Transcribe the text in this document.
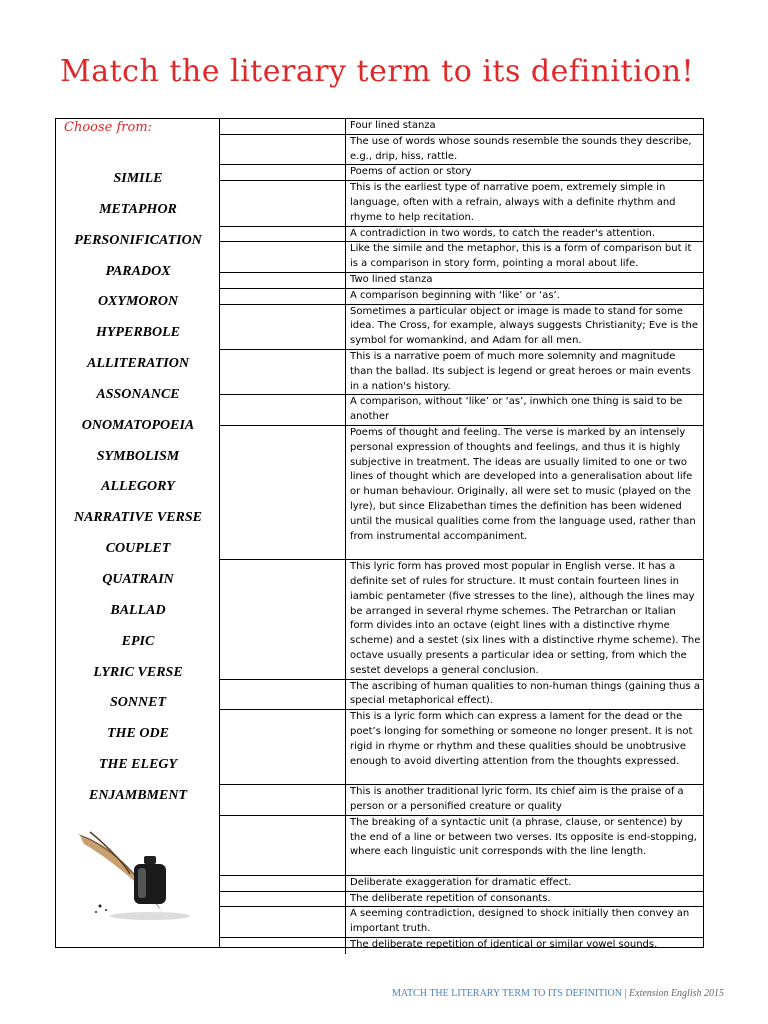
Match the literary term to its definition!
Choose from:
SIMILE
METAPHOR
PERSONIFICATION
PARADOX
OXYMORON
HYPERBOLE
ALLITERATION
ASSONANCE
ONOMATOPOEIA
SYMBOLISM
ALLEGORY
NARRATIVE VERSE
COUPLET
QUATRAIN
BALLAD
EPIC
LYRIC VERSE
SONNET
THE ODE
THE ELEGY
ENJAMBMENT
Four lined stanza
The use of words whose sounds resemble the sounds they describe, e.g., drip, hiss, rattle.
Poems of action or story
This is the earliest type of narrative poem, extremely simple in language, often with a refrain, always with a definite rhythm and rhyme to help recitation.
A contradiction in two words, to catch the reader's attention.
Like the simile and the metaphor, this is a form of comparison but it is a comparison in story form, pointing a moral about life.
Two lined stanza
A comparison beginning with ‘like’ or ‘as’.
Sometimes a particular object or image is made to stand for some idea. The Cross, for example, always suggests Christianity; Eve is the symbol for womankind, and Adam for all men.
This is a narrative poem of much more solemnity and magnitude than the ballad. Its subject is legend or great heroes or main events in a nation's history.
A comparison, without ‘like’ or ‘as’, inwhich one thing is said to be another
Poems of thought and feeling. The verse is marked by an intensely personal expression of thoughts and feelings, and thus it is highly subjective in treatment. The ideas are usually limited to one or two lines of thought which are developed into a generalisation about life or human behaviour. Originally, all were set to music (played on the lyre), but since Elizabethan times the definition has been widened until the musical qualities come from the language used, rather than from instrumental accompaniment.
This lyric form has proved most popular in English verse. It has a definite set of rules for structure. It must contain fourteen lines in iambic pentameter (five stresses to the line), although the lines may be arranged in several rhyme schemes. The Petrarchan or Italian form divides into an octave (eight lines with a distinctive rhyme scheme) and a sestet (six lines with a distinctive rhyme scheme). The octave usually presents a particular idea or setting, from which the sestet develops a general conclusion.
The ascribing of human qualities to non-human things (gaining thus a special metaphorical effect).
This is a lyric form which can express a lament for the dead or the poet’s longing for something or someone no longer present. It is not rigid in rhyme or rhythm and these qualities should be unobtrusive enough to avoid diverting attention from the thoughts expressed.
This is another traditional lyric form. Its chief aim is the praise of a person or a personified creature or quality
The breaking of a syntactic unit (a phrase, clause, or sentence) by the end of a line or between two verses. Its opposite is end-stopping, where each linguistic unit corresponds with the line length.
Deliberate exaggeration for dramatic effect.
The deliberate repetition of consonants.
A seeming contradiction, designed to shock initially then convey an important truth.
The deliberate repetition of identical or similar vowel sounds.
MATCH THE LITERARY TERM TO ITS DEFINITION | Extension English 2015
